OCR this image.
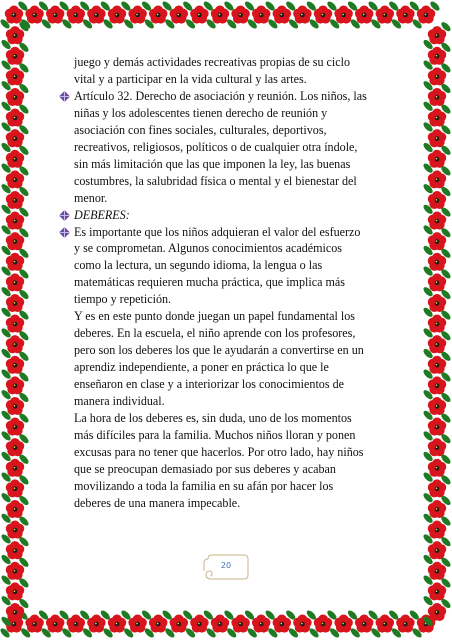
juego y demás actividades recreativas propias de su ciclo
vital y a participar en la vida cultural y las artes.
Artículo 32. Derecho de asociación y reunión. Los niños, las
niñas y los adolescentes tienen derecho de reunión y
asociación con fines sociales, culturales, deportivos,
recreativos, religiosos, políticos o de cualquier otra índole,
sin más limitación que las que imponen la ley, las buenas
costumbres, la salubridad física o mental y el bienestar del
menor.
DEBERES:
Es importante que los niños adquieran el valor del esfuerzo
y se comprometan. Algunos conocimientos académicos
como la lectura, un segundo idioma, la lengua o las
matemáticas requieren mucha práctica, que implica más
tiempo y repetición.
Y es en este punto donde juegan un papel fundamental los
deberes. En la escuela, el niño aprende con los profesores,
pero son los deberes los que le ayudarán a convertirse en un
aprendiz independiente, a poner en práctica lo que le
enseñaron en clase y a interiorizar los conocimientos de
manera individual.
La hora de los deberes es, sin duda, uno de los momentos
más difíciles para la familia. Muchos niños lloran y ponen
excusas para no tener que hacerlos. Por otro lado, hay niños
que se preocupan demasiado por sus deberes y acaban
movilizando a toda la familia en su afán por hacer los
deberes de una manera impecable.
20
